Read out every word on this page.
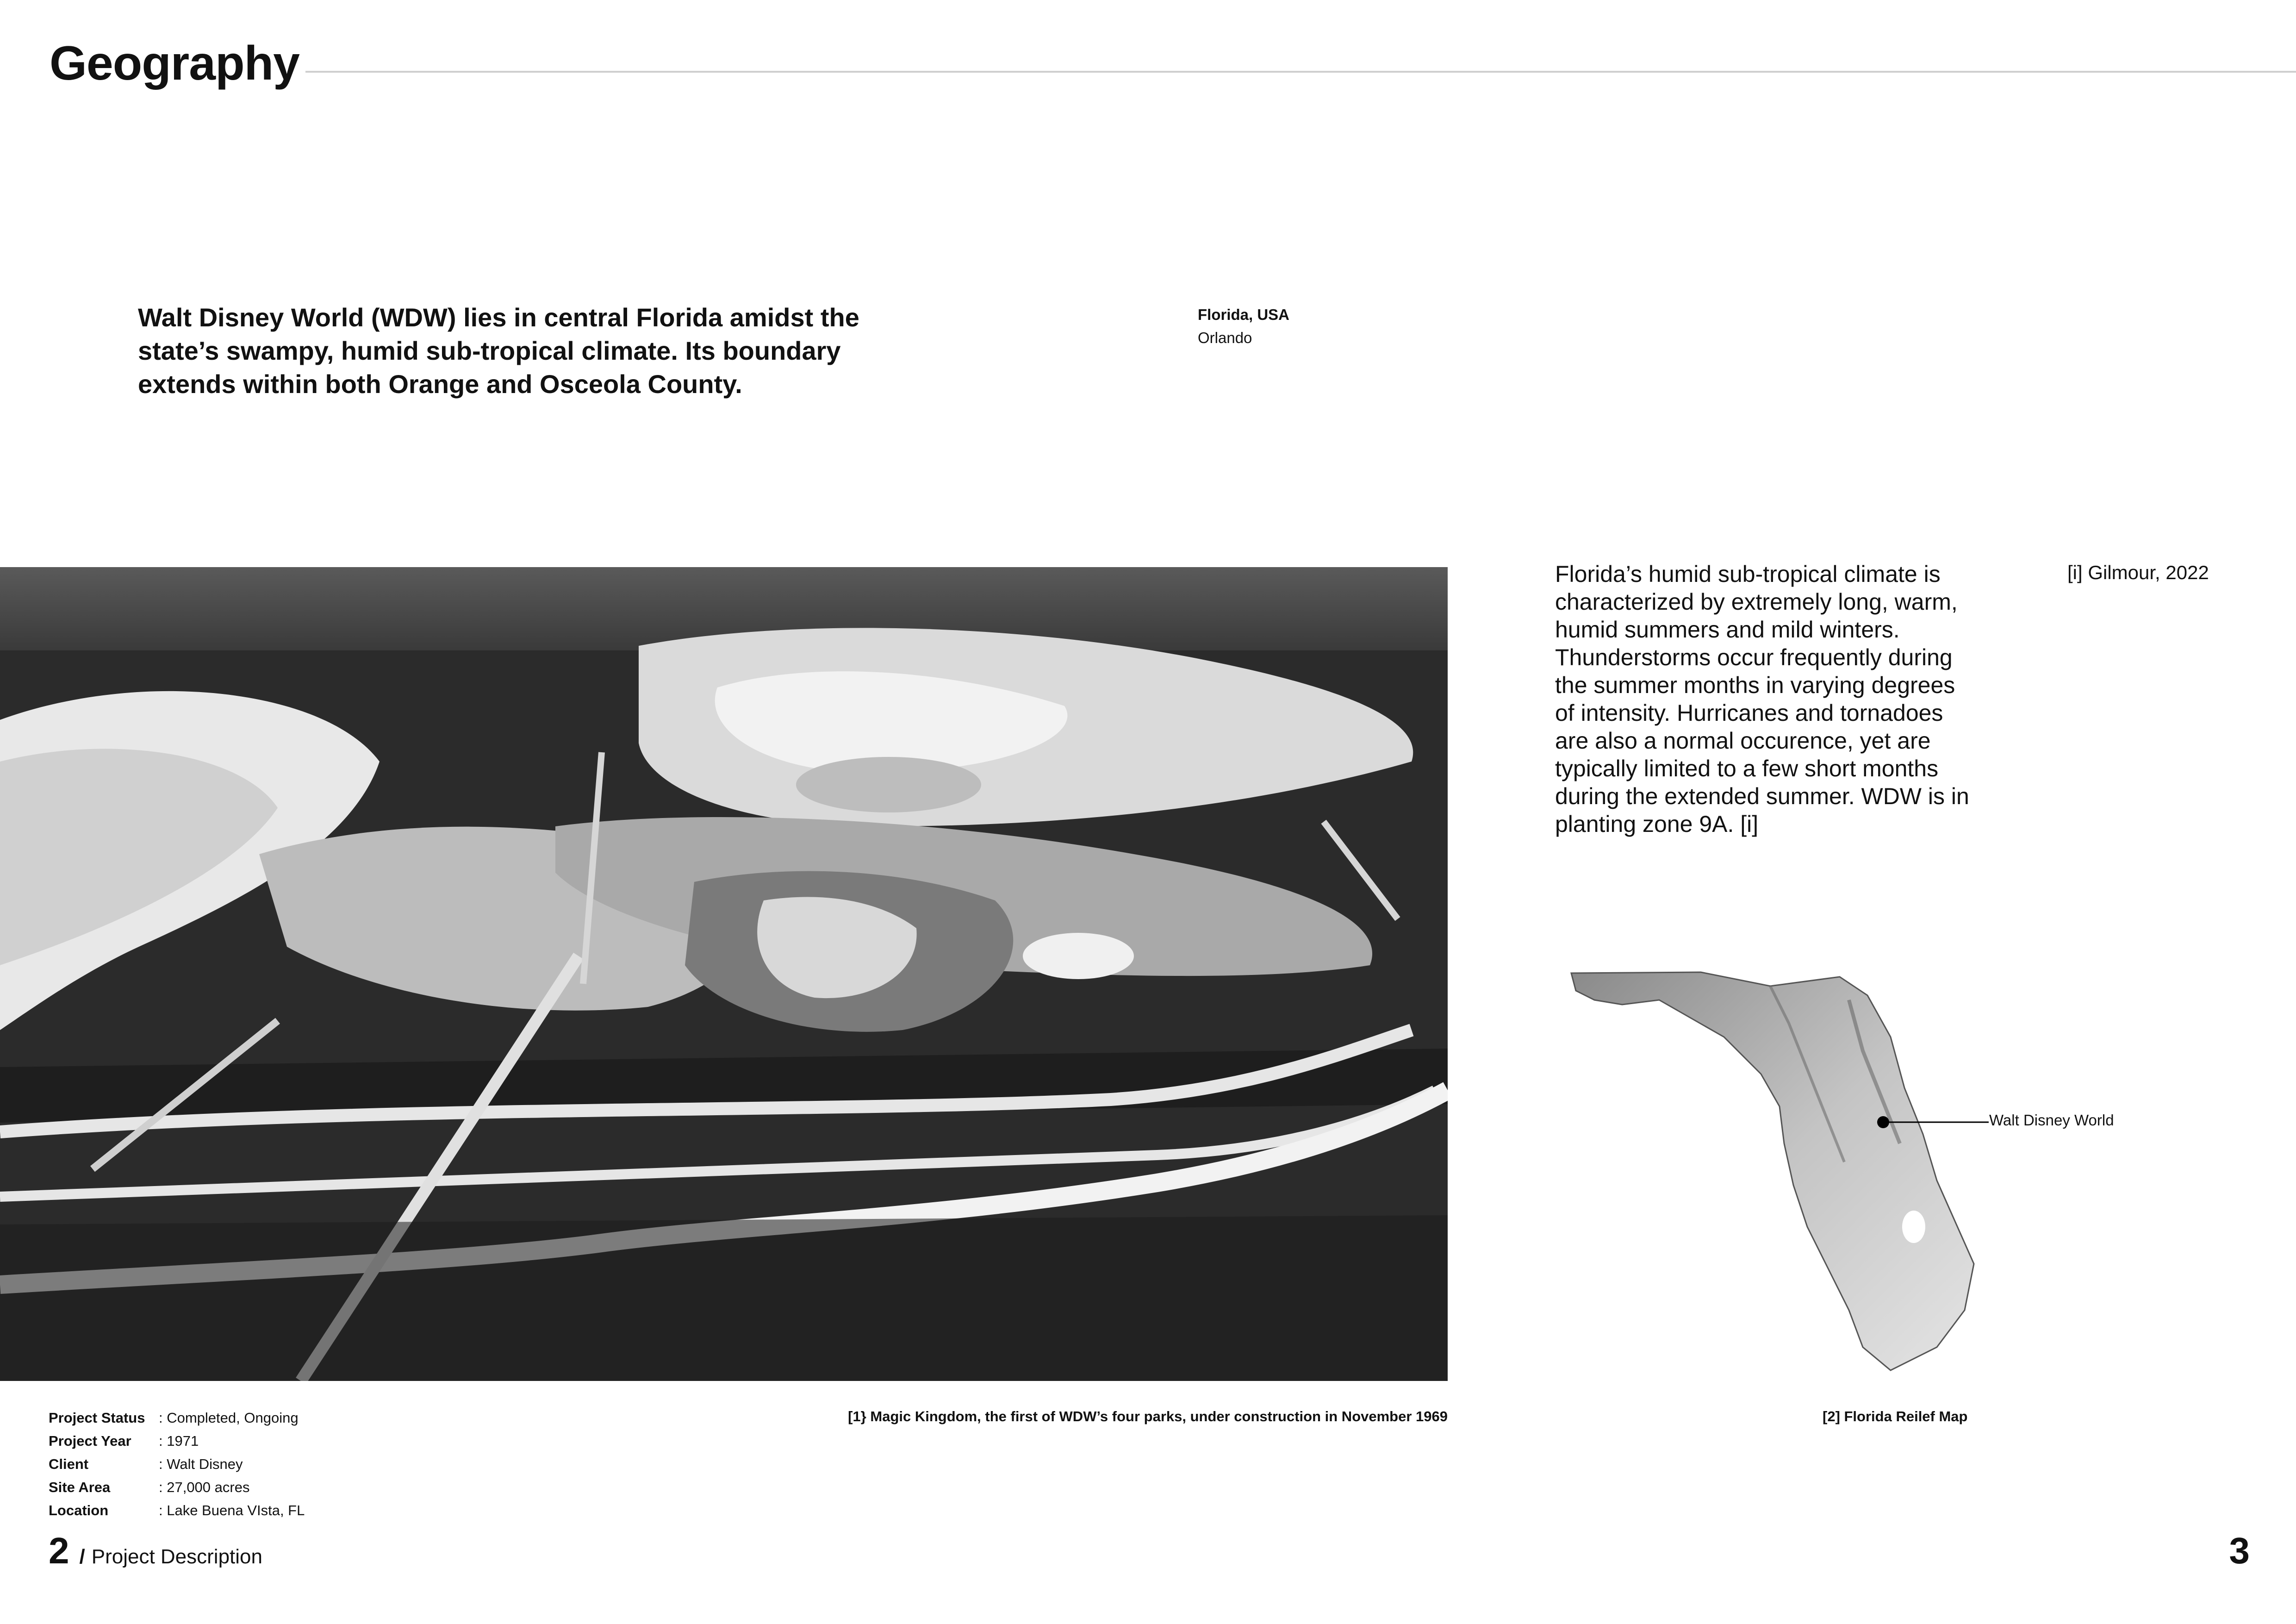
Geography
Walt Disney World (WDW) lies in central Florida amidst the state’s swampy, humid sub-tropical climate. Its boundary extends within both Orange and Osceola County.
Florida, USA
Orlando
Florida’s humid sub-tropical climate is characterized by extremely long, warm, humid summers and mild winters. Thunderstorms occur frequently during the summer months in varying degrees of intensity. Hurricanes and tornadoes are also a normal occurence, yet are typically limited to a few short months during the extended summer. WDW is in planting zone 9A. [i]
[i] Gilmour, 2022
Walt Disney World
[1} Magic Kingdom, the first of WDW’s four parks, under construction in November 1969	[2] Florida Reilef Map
Project Status : Completed, Ongoing
Project Year	: 1971
Client	: Walt Disney
Site Area	: 27,000 acres
Location	: Lake Buena VIsta, FL
2 / Project Description	3
